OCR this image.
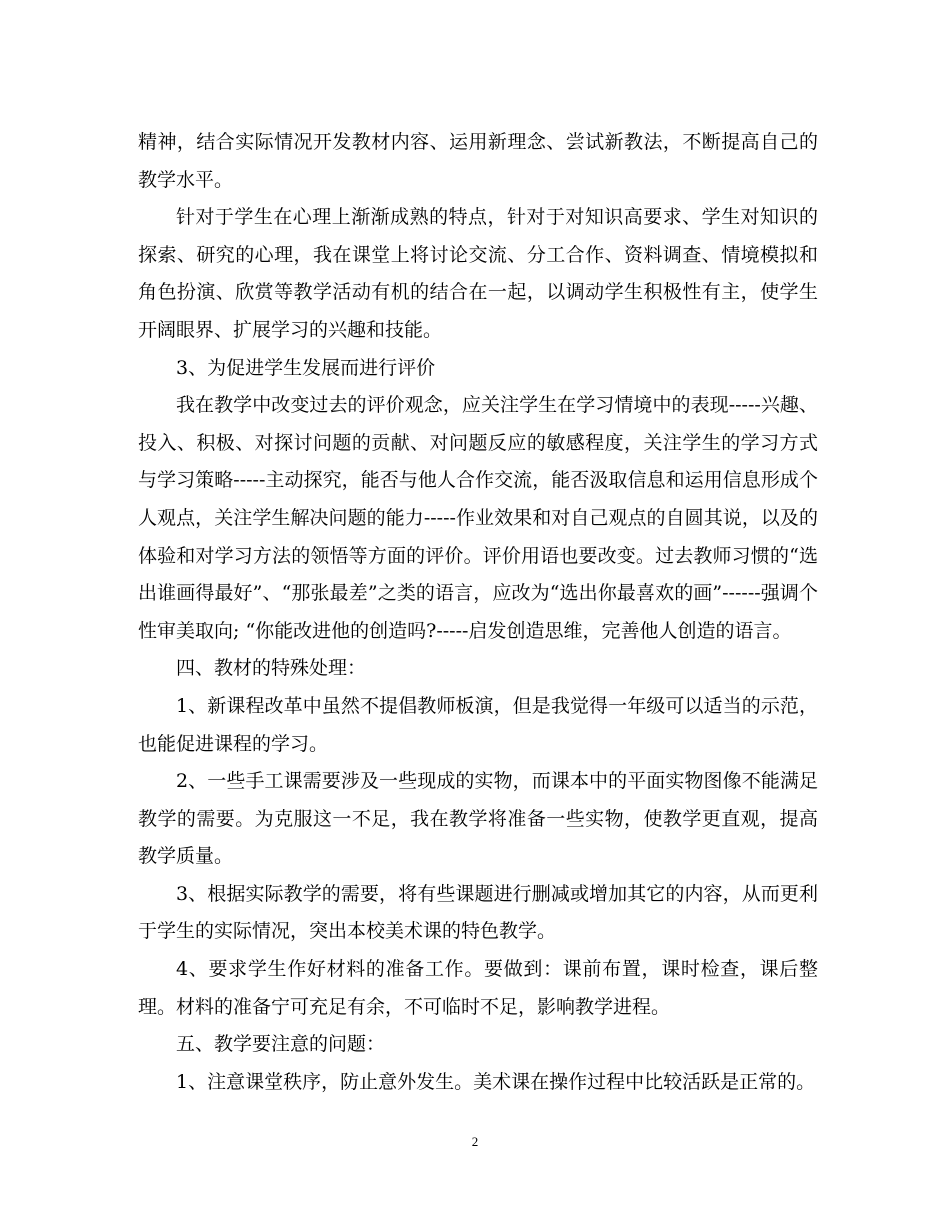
精神，结合实际情况开发教材内容、运用新理念、尝试新教法，不断提高自己的教学水平。

针对于学生在心理上渐渐成熟的特点，针对于对知识高要求、学生对知识的探索、研究的心理，我在课堂上将讨论交流、分工合作、资料调查、情境模拟和角色扮演、欣赏等教学活动有机的结合在一起，以调动学生积极性有主，使学生开阔眼界、扩展学习的兴趣和技能。

3、为促进学生发展而进行评价

我在教学中改变过去的评价观念，应关注学生在学习情境中的表现-----兴趣、投入、积极、对探讨问题的贡献、对问题反应的敏感程度，关注学生的学习方式与学习策略-----主动探究，能否与他人合作交流，能否汲取信息和运用信息形成个人观点，关注学生解决问题的能力-----作业效果和对自己观点的自圆其说，以及的体验和对学习方法的领悟等方面的评价。评价用语也要改变。过去教师习惯的“选出谁画得最好”、“那张最差”之类的语言，应改为“选出你最喜欢的画”------强调个性审美取向; “你能改进他的创造吗?-----启发创造思维，完善他人创造的语言。

四、教材的特殊处理：

1、新课程改革中虽然不提倡教师板演，但是我觉得一年级可以适当的示范，也能促进课程的学习。

2、一些手工课需要涉及一些现成的实物，而课本中的平面实物图像不能满足教学的需要。为克服这一不足，我在教学将准备一些实物，使教学更直观，提高教学质量。

3、根据实际教学的需要，将有些课题进行删减或增加其它的内容，从而更利于学生的实际情况，突出本校美术课的特色教学。

4、要求学生作好材料的准备工作。要做到：课前布置，课时检查，课后整理。材料的准备宁可充足有余，不可临时不足，影响教学进程。

五、教学要注意的问题：

1、注意课堂秩序，防止意外发生。美术课在操作过程中比较活跃是正常的。

2
